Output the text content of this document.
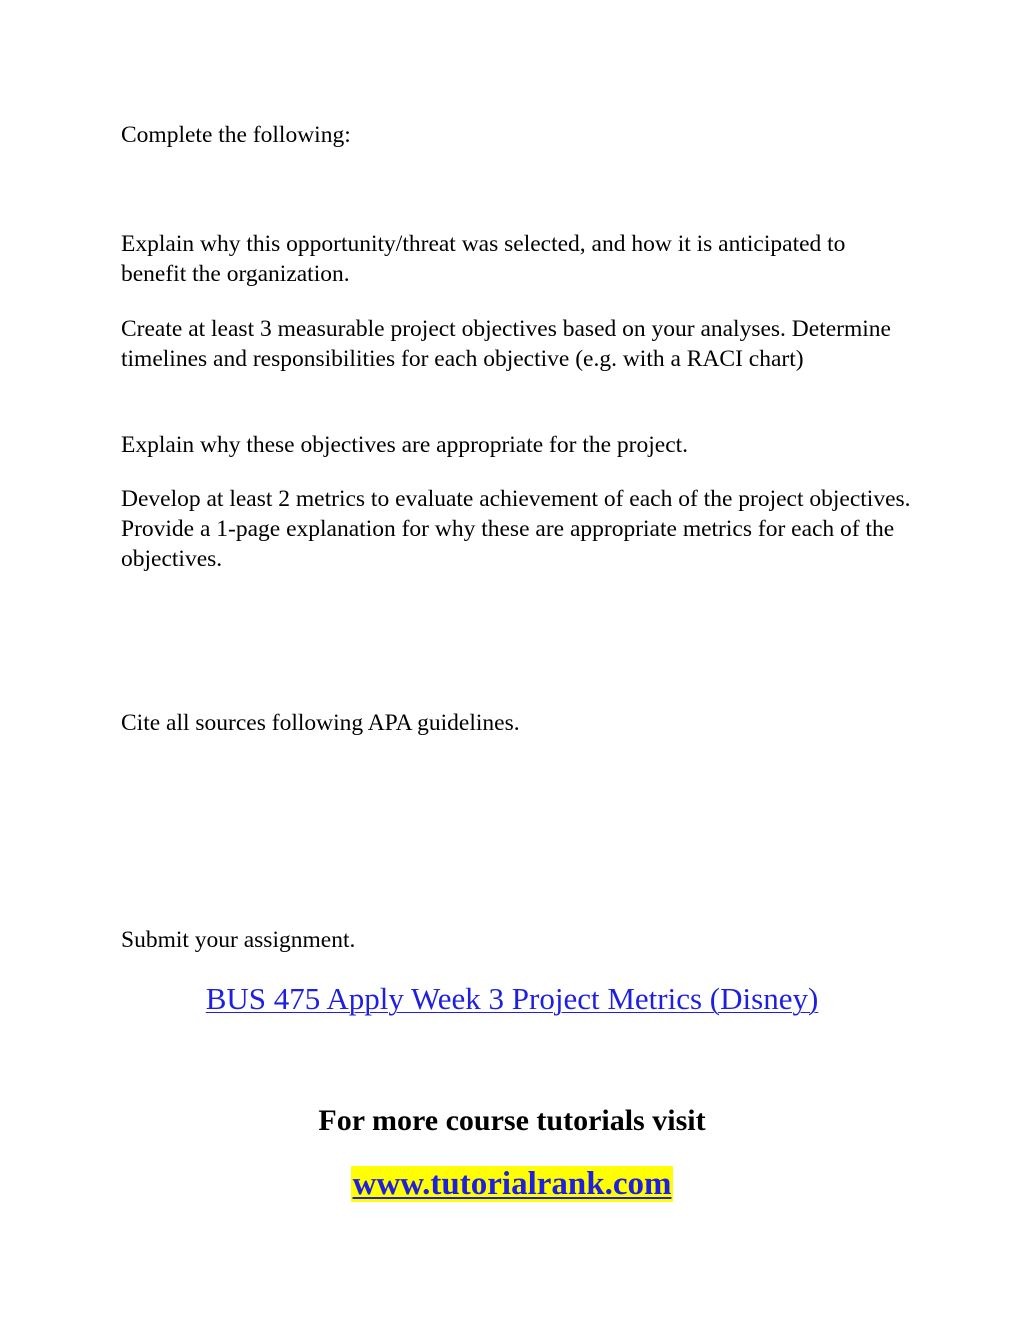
Complete the following:

Explain why this opportunity/threat was selected, and how it is anticipated to benefit the organization.

Create at least 3 measurable project objectives based on your analyses. Determine timelines and responsibilities for each objective (e.g. with a RACI chart)

Explain why these objectives are appropriate for the project.

Develop at least 2 metrics to evaluate achievement of each of the project objectives. Provide a 1-page explanation for why these are appropriate metrics for each of the objectives.

Cite all sources following APA guidelines.

Submit your assignment.

BUS 475 Apply Week 3 Project Metrics (Disney)

For more course tutorials visit

www.tutorialrank.com
